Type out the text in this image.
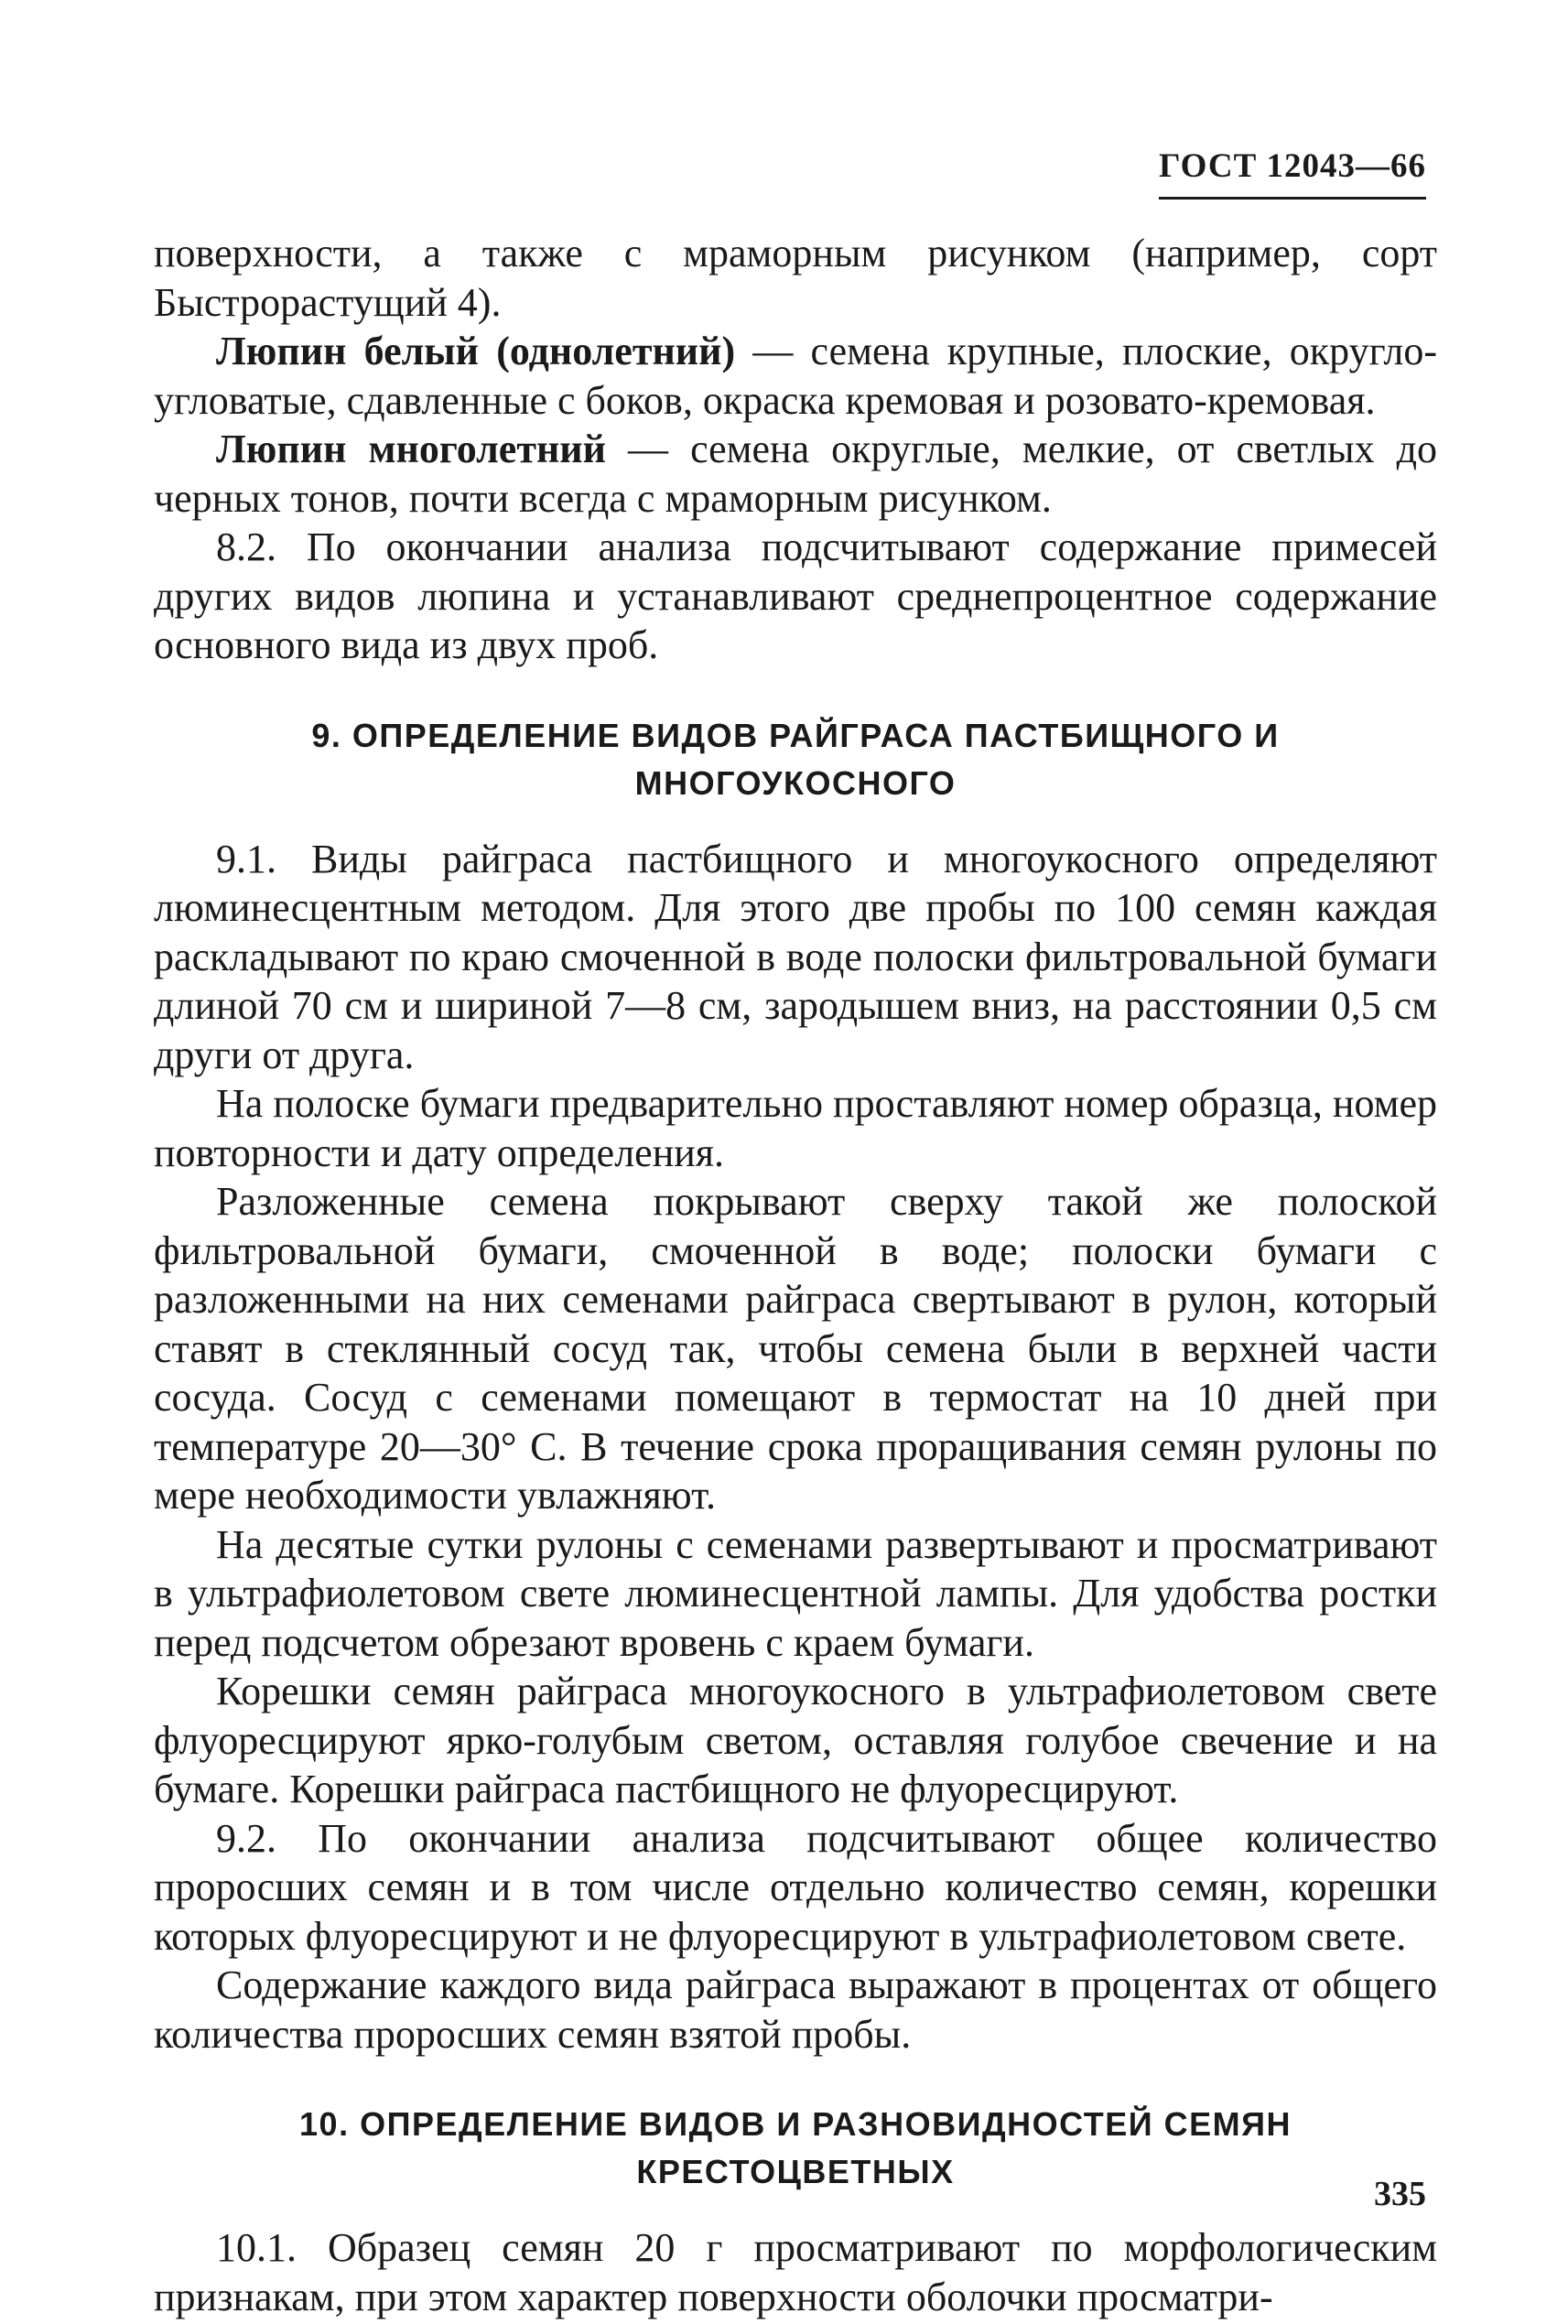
ГОСТ 12043—66

поверхности, а также с мраморным рисунком (например, сорт Быстрорастущий 4).

Люпин белый (однолетний) — семена крупные, плоские, округло-угловатые, сдавленные с боков, окраска кремовая и розовато-кремовая.

Люпин многолетний — семена округлые, мелкие, от светлых до черных тонов, почти всегда с мраморным рисунком.

8.2. По окончании анализа подсчитывают содержание примесей других видов люпина и устанавливают среднепроцентное содержание основного вида из двух проб.

9. ОПРЕДЕЛЕНИЕ ВИДОВ РАЙГРАСА ПАСТБИЩНОГО И МНОГОУКОСНОГО

9.1. Виды райграса пастбищного и многоукосного определяют люминесцентным методом. Для этого две пробы по 100 семян каждая раскладывают по краю смоченной в воде полоски фильтровальной бумаги длиной 70 см и шириной 7—8 см, зародышем вниз, на расстоянии 0,5 см други от друга.

На полоске бумаги предварительно проставляют номер образца, номер повторности и дату определения.

Разложенные семена покрывают сверху такой же полоской фильтровальной бумаги, смоченной в воде; полоски бумаги с разложенными на них семенами райграса свертывают в рулон, который ставят в стеклянный сосуд так, чтобы семена были в верхней части сосуда. Сосуд с семенами помещают в термостат на 10 дней при температуре 20—30° С. В течение срока проращивания семян рулоны по мере необходимости увлажняют.

На десятые сутки рулоны с семенами развертывают и просматривают в ультрафиолетовом свете люминесцентной лампы. Для удобства ростки перед подсчетом обрезают вровень с краем бумаги.

Корешки семян райграса многоукосного в ультрафиолетовом свете флуоресцируют ярко-голубым светом, оставляя голубое свечение и на бумаге. Корешки райграса пастбищного не флуоресцируют.

9.2. По окончании анализа подсчитывают общее количество проросших семян и в том числе отдельно количество семян, корешки которых флуоресцируют и не флуоресцируют в ультрафиолетовом свете.

Содержание каждого вида райграса выражают в процентах от общего количества проросших семян взятой пробы.

10. ОПРЕДЕЛЕНИЕ ВИДОВ И РАЗНОВИДНОСТЕЙ СЕМЯН КРЕСТОЦВЕТНЫХ

10.1. Образец семян 20 г просматривают по морфологическим признакам, при этом характер поверхности оболочки просматри-

335
